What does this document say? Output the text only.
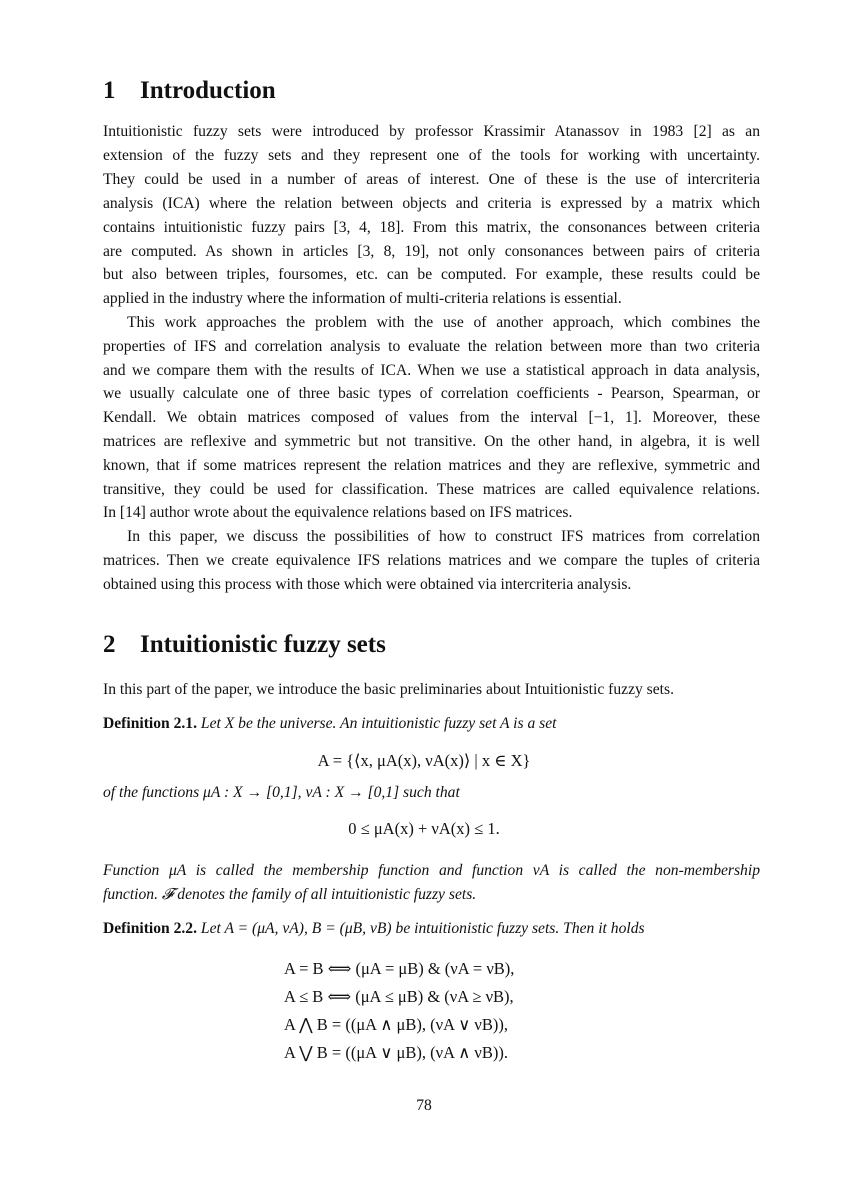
1 Introduction
Intuitionistic fuzzy sets were introduced by professor Krassimir Atanassov in 1983 [2] as an
extension of the fuzzy sets and they represent one of the tools for working with uncertainty.
They could be used in a number of areas of interest. One of these is the use of intercriteria
analysis (ICA) where the relation between objects and criteria is expressed by a matrix which
contains intuitionistic fuzzy pairs [3, 4, 18]. From this matrix, the consonances between criteria
are computed. As shown in articles [3, 8, 19], not only consonances between pairs of criteria
but also between triples, foursomes, etc. can be computed. For example, these results could be
applied in the industry where the information of multi-criteria relations is essential.
This work approaches the problem with the use of another approach, which combines the
properties of IFS and correlation analysis to evaluate the relation between more than two criteria
and we compare them with the results of ICA. When we use a statistical approach in data analysis,
we usually calculate one of three basic types of correlation coefficients - Pearson, Spearman, or
Kendall. We obtain matrices composed of values from the interval [−1, 1]. Moreover, these
matrices are reflexive and symmetric but not transitive. On the other hand, in algebra, it is well
known, that if some matrices represent the relation matrices and they are reflexive, symmetric and
transitive, they could be used for classification. These matrices are called equivalence relations.
In [14] author wrote about the equivalence relations based on IFS matrices.
In this paper, we discuss the possibilities of how to construct IFS matrices from correlation
matrices. Then we create equivalence IFS relations matrices and we compare the tuples of criteria
obtained using this process with those which were obtained via intercriteria analysis.
2 Intuitionistic fuzzy sets
In this part of the paper, we introduce the basic preliminaries about Intuitionistic fuzzy sets.
Definition 2.1. Let X be the universe. An intuitionistic fuzzy set A is a set
A = {⟨x, μA(x), νA(x)⟩ | x ∈ X}
of the functions μA : X → [0,1], νA : X → [0,1] such that
0 ≤ μA(x) + νA(x) ≤ 1.
Function μA is called the membership function and function νA is called the non-membership
function. 𝓕 denotes the family of all intuitionistic fuzzy sets.
Definition 2.2. Let A = (μA, νA), B = (μB, νB) be intuitionistic fuzzy sets. Then it holds
A = B ⟺ (μA = μB) & (νA = νB),
A ≤ B ⟺ (μA ≤ μB) & (νA ≥ νB),
A ⋀ B = ((μA ∧ μB), (νA ∨ νB)),
A ⋁ B = ((μA ∨ μB), (νA ∧ νB)).
78
